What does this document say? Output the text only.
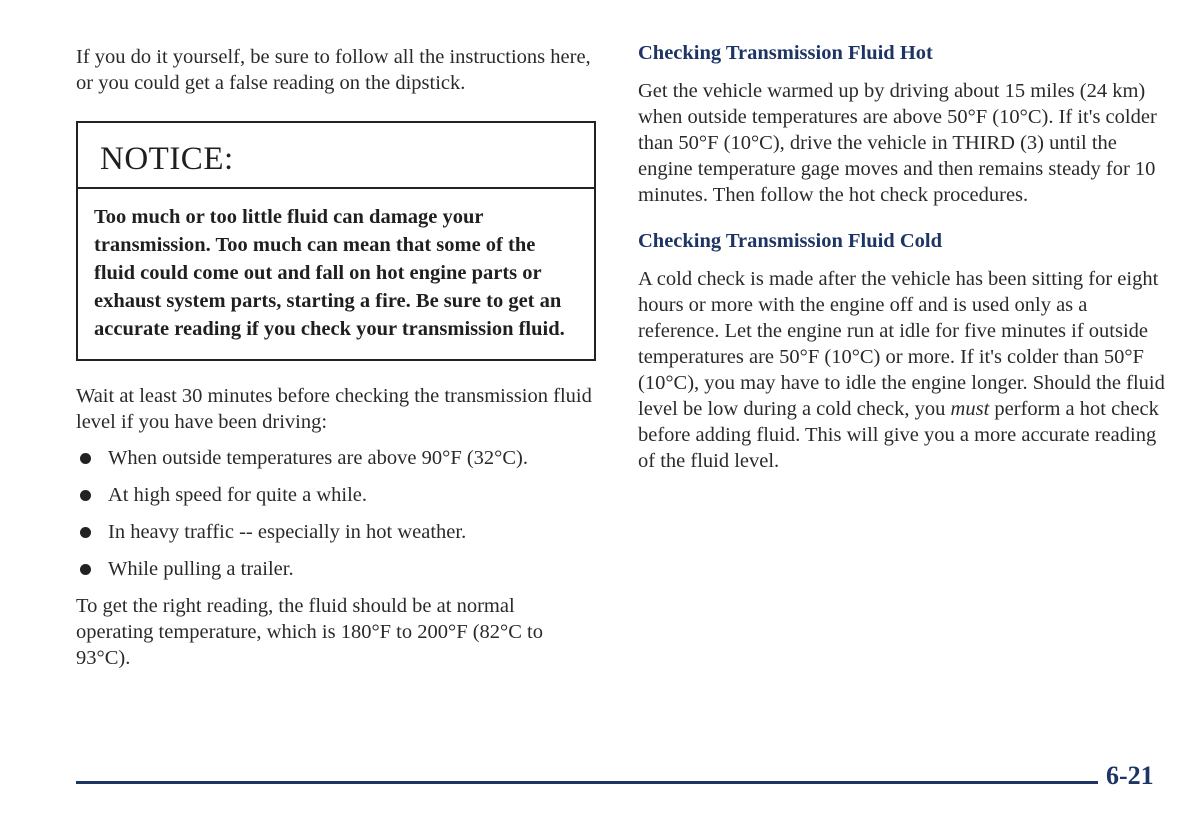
If you do it yourself, be sure to follow all the instructions here, or you could get a false reading on the dipstick.

NOTICE:
Too much or too little fluid can damage your transmission. Too much can mean that some of the fluid could come out and fall on hot engine parts or exhaust system parts, starting a fire. Be sure to get an accurate reading if you check your transmission fluid.

Wait at least 30 minutes before checking the transmission fluid level if you have been driving:

When outside temperatures are above 90°F (32°C).
At high speed for quite a while.
In heavy traffic -- especially in hot weather.
While pulling a trailer.

To get the right reading, the fluid should be at normal operating temperature, which is 180°F to 200°F (82°C to 93°C).

Checking Transmission Fluid Hot

Get the vehicle warmed up by driving about 15 miles (24 km) when outside temperatures are above 50°F (10°C). If it's colder than 50°F (10°C), drive the vehicle in THIRD (3) until the engine temperature gage moves and then remains steady for 10 minutes. Then follow the hot check procedures.

Checking Transmission Fluid Cold

A cold check is made after the vehicle has been sitting for eight hours or more with the engine off and is used only as a reference. Let the engine run at idle for five minutes if outside temperatures are 50°F (10°C) or more. If it's colder than 50°F (10°C), you may have to idle the engine longer. Should the fluid level be low during a cold check, you must perform a hot check before adding fluid. This will give you a more accurate reading of the fluid level.

6-21
